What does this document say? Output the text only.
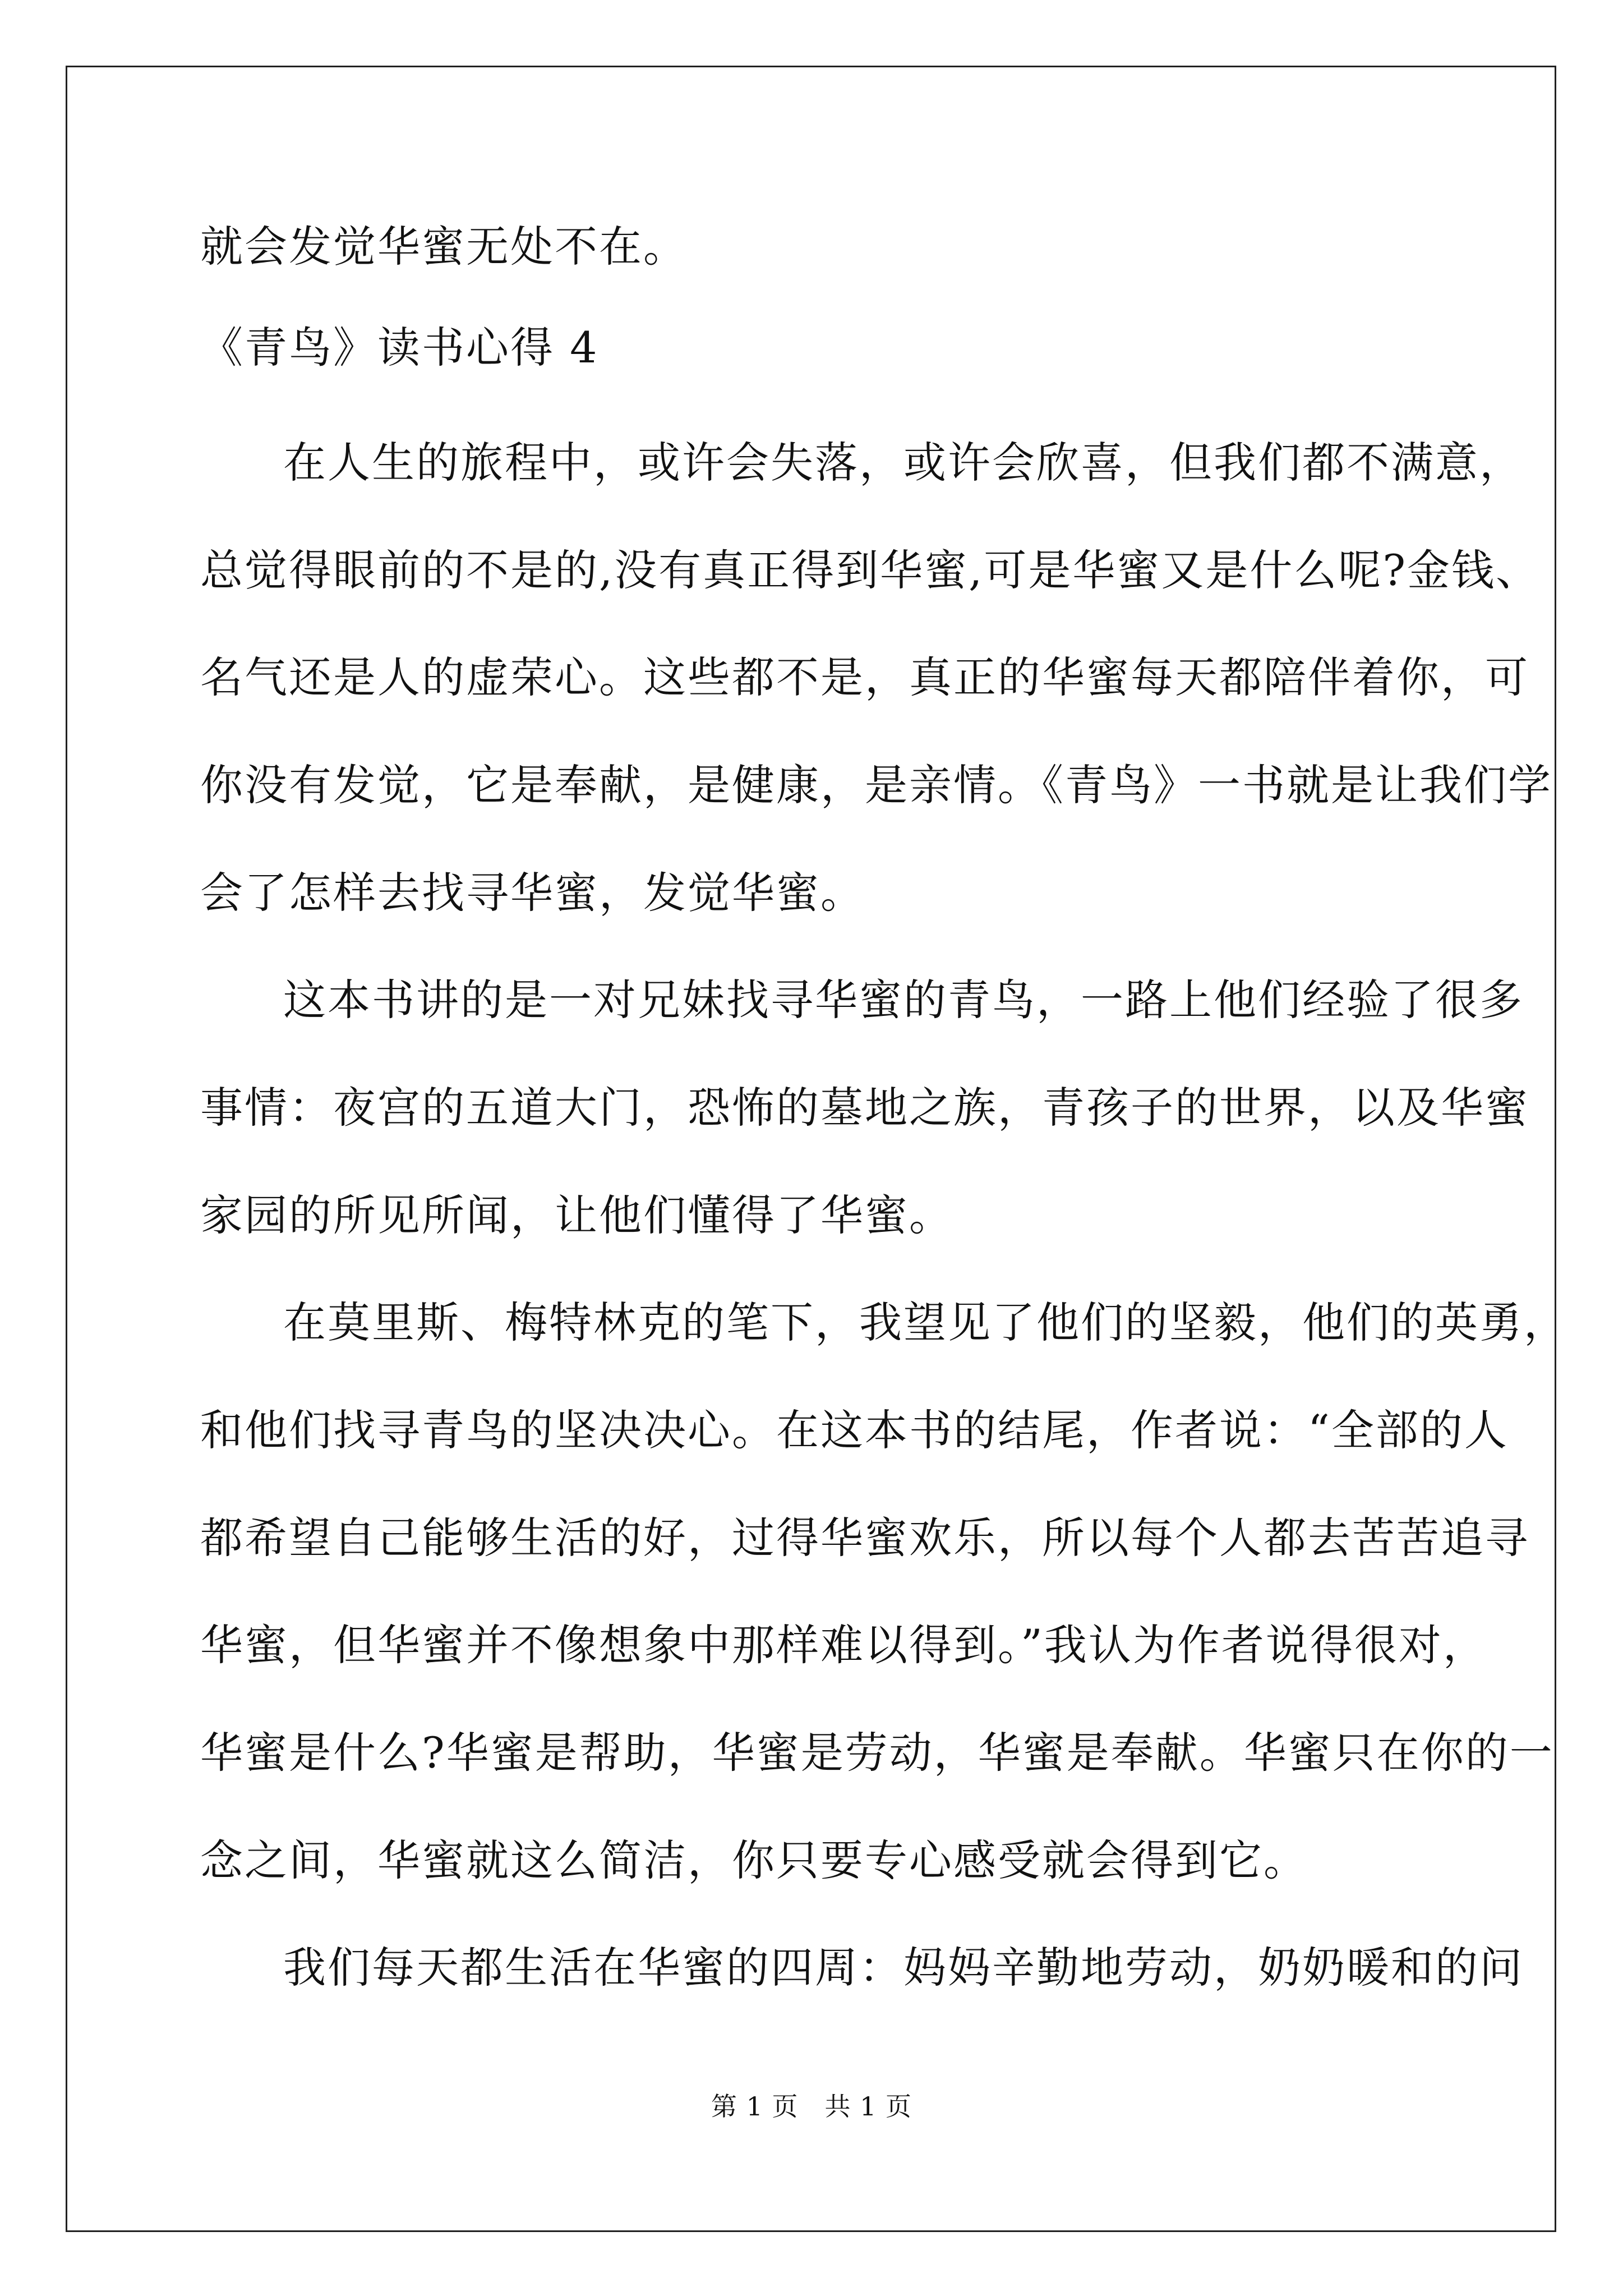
就会发觉华蜜无处不在。
《青鸟》读书心得 4
在人生的旅程中，或许会失落，或许会欣喜，但我们都不满意，
总觉得眼前的不是的,没有真正得到华蜜,可是华蜜又是什么呢?金钱、
名气还是人的虚荣心。这些都不是，真正的华蜜每天都陪伴着你，可
你没有发觉，它是奉献，是健康，是亲情。《青鸟》一书就是让我们学
会了怎样去找寻华蜜，发觉华蜜。
这本书讲的是一对兄妹找寻华蜜的青鸟，一路上他们经验了很多
事情：夜宫的五道大门，恐怖的墓地之族，青孩子的世界，以及华蜜
家园的所见所闻，让他们懂得了华蜜。
在莫里斯、梅特林克的笔下，我望见了他们的坚毅，他们的英勇，
和他们找寻青鸟的坚决决心。在这本书的结尾，作者说：“全部的人
都希望自己能够生活的好，过得华蜜欢乐，所以每个人都去苦苦追寻
华蜜，但华蜜并不像想象中那样难以得到。”我认为作者说得很对，
华蜜是什么?华蜜是帮助，华蜜是劳动，华蜜是奉献。华蜜只在你的一
念之间，华蜜就这么简洁，你只要专心感受就会得到它。
我们每天都生活在华蜜的四周：妈妈辛勤地劳动，奶奶暖和的问
第 1 页　共 1 页
